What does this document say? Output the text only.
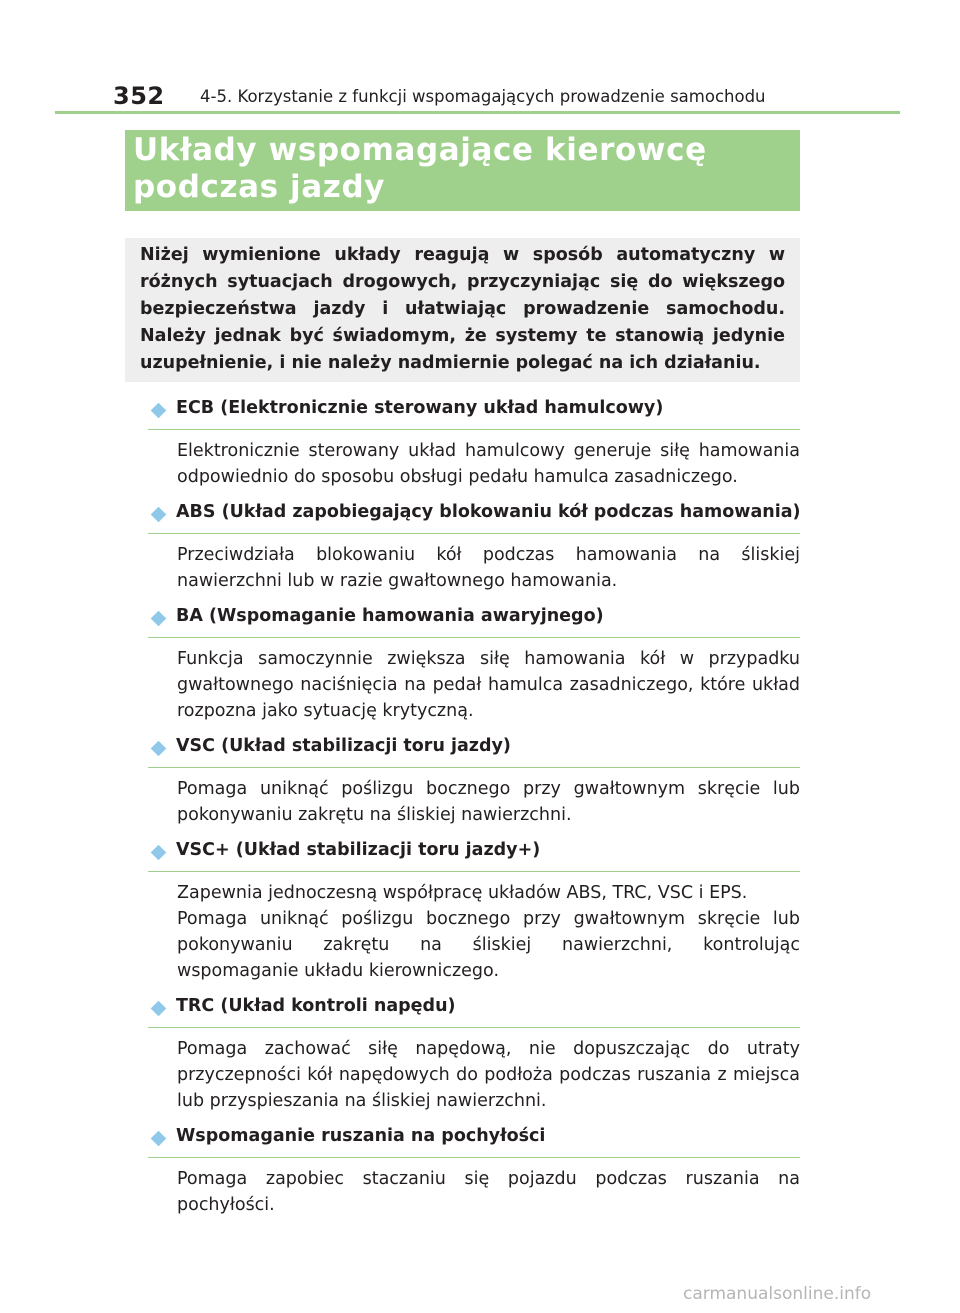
352 4-5. Korzystanie z funkcji wspomagających prowadzenie samochodu
Układy wspomagające kierowcę podczas jazdy
Niżej wymienione układy reagują w sposób automatyczny w różnych sytuacjach drogowych, przyczyniając się do większego bezpieczeństwa jazdy i ułatwiając prowadzenie samochodu. Należy jednak być świadomym, że systemy te stanowią jedynie uzupełnienie, i nie należy nadmiernie polegać na ich działaniu.
ECB (Elektronicznie sterowany układ hamulcowy)
Elektronicznie sterowany układ hamulcowy generuje siłę hamowania odpowiednio do sposobu obsługi pedału hamulca zasadniczego.
ABS (Układ zapobiegający blokowaniu kół podczas hamowania)
Przeciwdziała blokowaniu kół podczas hamowania na śliskiej nawierzchni lub w razie gwałtownego hamowania.
BA (Wspomaganie hamowania awaryjnego)
Funkcja samoczynnie zwiększa siłę hamowania kół w przypadku gwałtownego naciśnięcia na pedał hamulca zasadniczego, które układ rozpozna jako sytuację krytyczną.
VSC (Układ stabilizacji toru jazdy)
Pomaga uniknąć poślizgu bocznego przy gwałtownym skręcie lub pokonywaniu zakrętu na śliskiej nawierzchni.
VSC+ (Układ stabilizacji toru jazdy+)
Zapewnia jednoczesną współpracę układów ABS, TRC, VSC i EPS.
Pomaga uniknąć poślizgu bocznego przy gwałtownym skręcie lub pokonywaniu zakrętu na śliskiej nawierzchni, kontrolując wspomaganie układu kierowniczego.
TRC (Układ kontroli napędu)
Pomaga zachować siłę napędową, nie dopuszczając do utraty przyczepności kół napędowych do podłoża podczas ruszania z miejsca lub przyspieszania na śliskiej nawierzchni.
Wspomaganie ruszania na pochyłości
Pomaga zapobiec staczaniu się pojazdu podczas ruszania na pochyłości.
carmanualsonline.info
